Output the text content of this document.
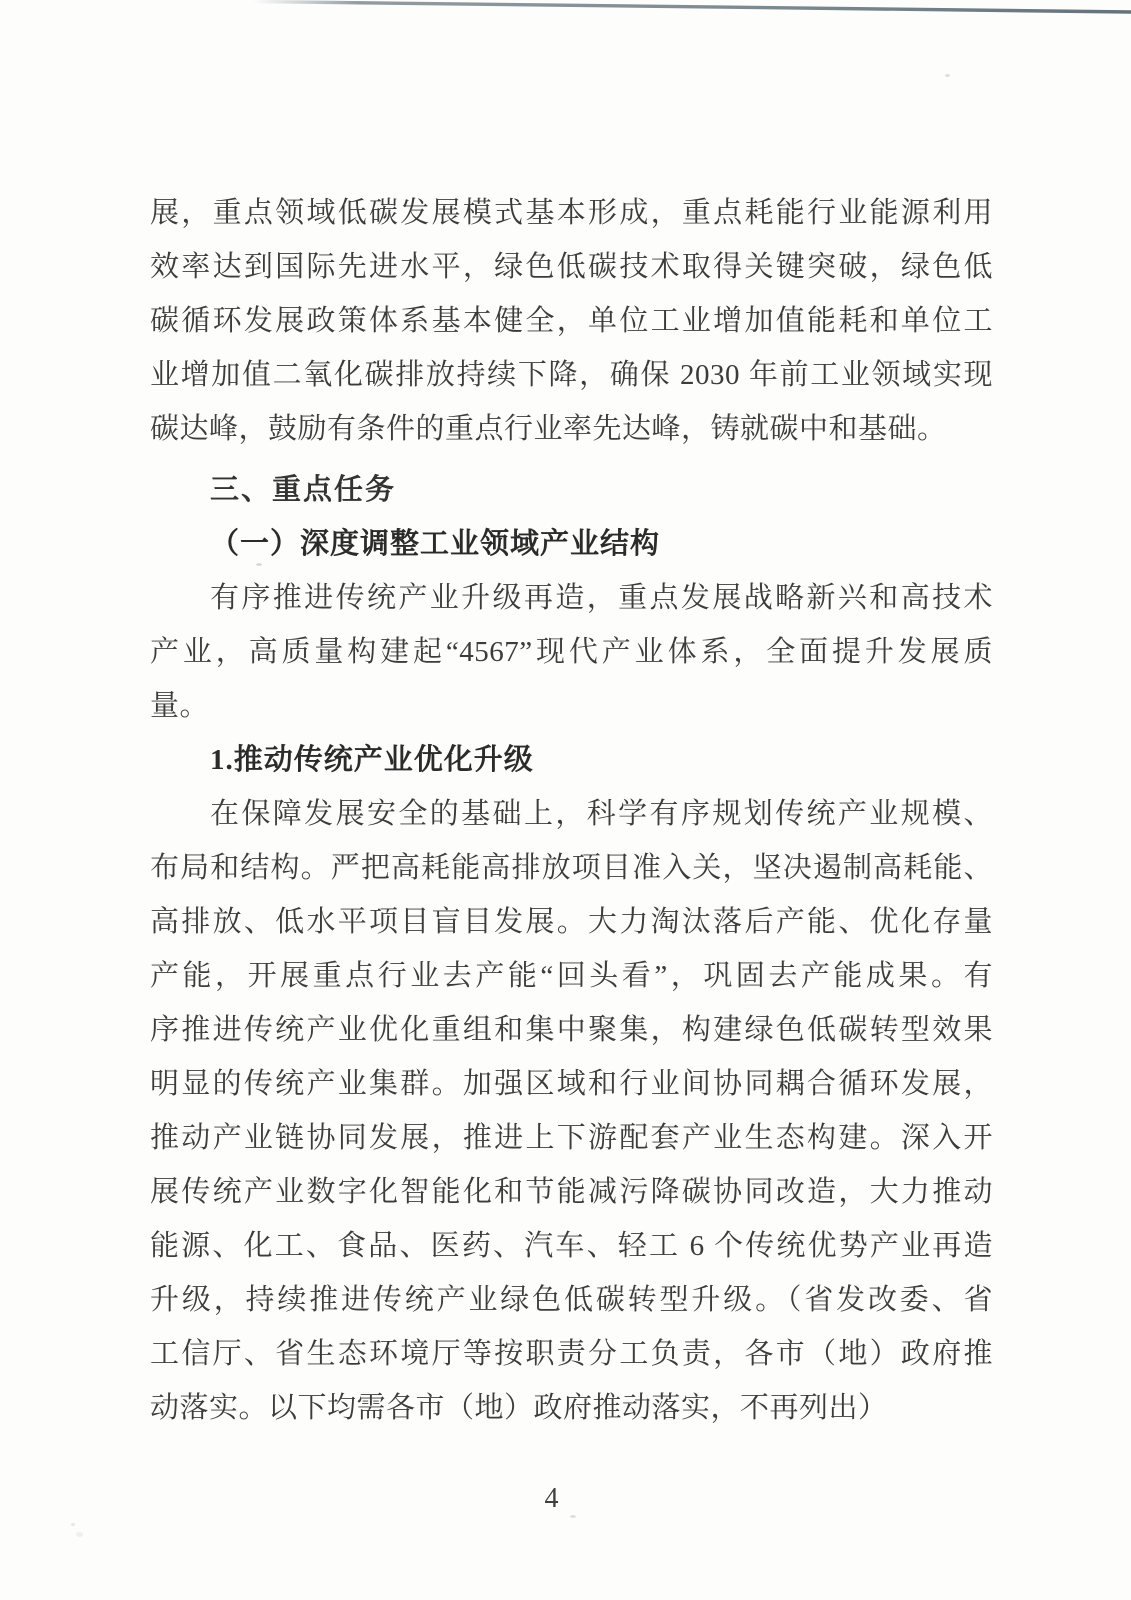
展，重点领域低碳发展模式基本形成，重点耗能行业能源利用

效率达到国际先进水平，绿色低碳技术取得关键突破，绿色低

碳循环发展政策体系基本健全，单位工业增加值能耗和单位工

业增加值二氧化碳排放持续下降，确保 2030 年前工业领域实现

碳达峰，鼓励有条件的重点行业率先达峰，铸就碳中和基础。

三、重点任务

（一）深度调整工业领域产业结构

有序推进传统产业升级再造，重点发展战略新兴和高技术

产业，高质量构建起“4567”现代产业体系，全面提升发展质

量。

1.推动传统产业优化升级

在保障发展安全的基础上，科学有序规划传统产业规模、

布局和结构。严把高耗能高排放项目准入关，坚决遏制高耗能、

高排放、低水平项目盲目发展。大力淘汰落后产能、优化存量

产能，开展重点行业去产能“回头看”，巩固去产能成果。有

序推进传统产业优化重组和集中聚集，构建绿色低碳转型效果

明显的传统产业集群。加强区域和行业间协同耦合循环发展，

推动产业链协同发展，推进上下游配套产业生态构建。深入开

展传统产业数字化智能化和节能减污降碳协同改造，大力推动

能源、化工、食品、医药、汽车、轻工 6 个传统优势产业再造

升级，持续推进传统产业绿色低碳转型升级。（省发改委、省

工信厅、省生态环境厅等按职责分工负责，各市（地）政府推

动落实。以下均需各市（地）政府推动落实，不再列出）

4
